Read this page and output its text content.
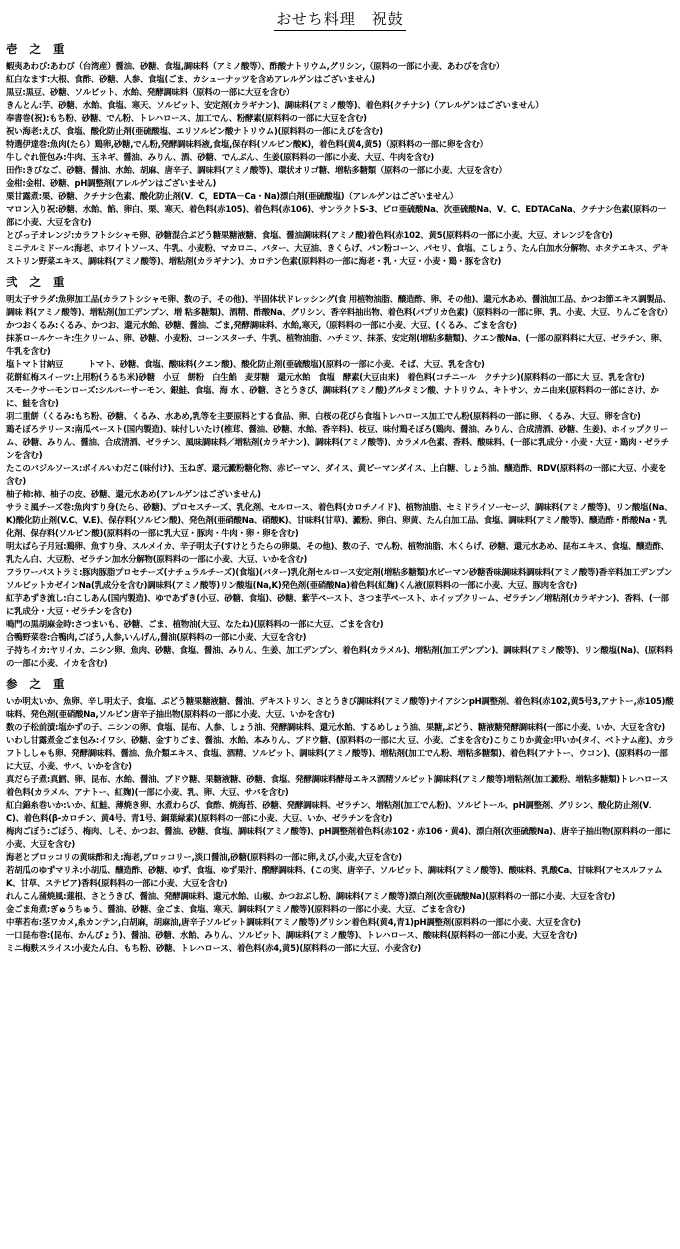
おせち料理　祝鼓
壱 之 重
蝦夷あわび:あわび（台湾産）醤油、砂糖、食塩,調味料（アミノ酸等）、酢酸ナトリウム,グリシン,（原料の一部に小麦、あわびを含む）
紅白なます:大根、食酢、砂糖、人参、食塩(ごま、カシューナッツを含めアレルゲンはございません)
黒豆:黒豆、砂糖、ソルビット、水飴、発酵調味料（原料の一部に大豆を含む）
きんとん:芋、砂糖、水飴、食塩、寒天、ソルビット、安定剤(カラギナン)、調味料(アミノ酸等)、着色料(クチナシ)（アレルゲンはございません）
奉書巻(祝):もち粉、砂糖、でん粉、トレハロース、加工でん、粉酵素(原料料の一部に大豆を含む)
祝い海老:えび、食塩、酸化防止剤(亜硫酸塩、エリソルビン酸ナトリウム)(原料料の一部にえびを含む)
特選伊達巻:魚肉(たら）鶏卵,砂糖,でん粉,発酵調味料液,食塩,保存料(ソルビン酸K)，着色料(黄4,黄5)（原料料の一部に卵を含む）
牛しぐれ笹包み:牛肉、玉ネギ、醤油、みりん、酒、砂糖、でんぷん、生姜(原料料の一部に小麦、大豆、牛肉を含む)
田作:きびなご、砂糖、醤油、水飴、胡麻、唐辛子、調味料(アミノ酸等)、環状オリゴ糖、増粘多糖類（原料の一部に小麦、大豆を含む）
金柑:金柑、砂糖、pH調整剤(アレルゲンはございません)
栗甘露煮:栗、砂糖、クチナシ色素、酸化防止剤(V．C，EDTA－Ca・Na)漂白剤(亜硫酸塩)（アレルゲンはございません）
マロン入り祝:砂糖、水飴、餡、卵白、栗、寒天、着色料(赤105)、着色料(赤106)、サンラクトS-3、ピロ亜硫酸Na、次亜硫酸Na、V、C、EDTACaNa、クチナシ色素(原料の一部に小麦、大豆を含む)
とびっ子オレンジ:カラフトシシャモ卵、砂糖混合ぶどう糖果糖液糖、食塩、醤油調味料(アミノ酸)着色料(赤102、黄5(原料料の一部に小麦、大豆、オレンジを含む)
ミニテルミドール:海老、ホワイトソース、牛乳、小麦粉、マカロニ、バター、大豆油、きくらげ、パン粉コーン、パセリ、食塩、こしょう、たん白加水分解物、ホタテエキス、デキストリン野菜エキス、調味料(アミノ酸等)、増粘剤(カラギナン)、カロテン色素(原料料の一部に海老・乳・大豆・小麦・鶏・豚を含む)
弐 之 重
明太子サラダ:魚卵加工品(カラフトシシャモ卵、数の子、その他)、半固体状ドレッシング(食 用植物油脂、醸造酢、卵、その他)、還元水あめ、醤油加工品、かつお節エキス調製品、調味 料(アミノ酸等)、増粘剤(加工デンプン、増 粘多糖類)、酒精、酢酸Na、グリシン、香辛料抽出物、着色料(パプリカ色素)（原料料の一部に卵、乳、小麦、大豆、りんごを含む）
かつおくるみ:くるみ、かつお、還元水飴、砂糖、醤油、ごま,発酵調味料、水飴,寒天,（原料料の一部に小麦、大豆、(くるみ、ごまを含む)
抹茶ロールケーキ:生クリーム、卵、砂糖、小麦粉、コーンスターチ、牛乳、植物油脂、ハチミツ、抹茶、安定剤(増粘多糖類)、クエン酸Na、(一部の原料料に大豆、ゼラチン、卵、牛乳を含む)
塩トマト甘納豆　　　トマト、砂糖、食塩、酸味料(クエン酸)、酸化防止剤(亜硫酸塩)(原料の一部に小麦、そば、大豆、乳を含む)
花餅紅梅スイーツ:上用粉(うるち米)砂糖　小豆　餅粉　白生餡　麦芽糖　還元水飴　食塩　酵素(大豆由来)　着色料(コチニール　クチナシ)(原料料の一部に大 豆、乳を含む)
スモークサーモンローズ:シルバーサーモン、銀鮭、食塩、海 水 、砂糖、さとうきび、調味料(アミノ酸)グルタミン酸、ナトリウム、キトサン、カニ由来(原料料の一部にさけ、かに、鮭を含む)
羽二重餅（くるみ:もち粉、砂糖、くるみ、水あめ,乳等を主要原料とする食品、卵、白桜の花びら食塩トレハロース加工でん粉(原料料の一部に卵、くるみ、大豆、卵を含む)
鶏そぼろテリーヌ:南瓜ペースト(国内製造)、味付しいたけ(椎茸、醤油、砂糖、水飴、香辛料)、枝豆、味付鶏そぼろ(鶏肉、醤油、みりん、合成清酒、砂糖、生姜)、ホイップクリーム、砂糖、みりん、醤油、合成清酒、ゼラチン、風味調味料／増粘剤(カラギナン)、調味料(アミノ酸等)、カラメル色素、香料、酸味料、(一部に乳成分・小麦・大豆・鶏肉・ゼラチンを含む)
たこのバジルソース:ボイルいわだこ(味付け)、玉ねぎ、還元澱粉糖化物、赤ピーマン、ダイス、黄ピーマンダイス、上白糖、しょう油、醸造酢、RDV(原料料の一部に大豆、小麦を含む)
柚子柿:柿、柚子の皮、砂糖、還元水あめ(アレルゲンはございません)
サラミ風チーズ巻:魚肉すり身(たら、砂糖)、プロセスチーズ、乳化剤、セルロース、着色料(カロチノイド)、植物油脂、セミドライソーセージ、調味料(アミノ酸等)、リン酸塩(Na、K)酸化防止剤(V.C、V.E)、保存料(ソルビン酸)、発色剤(亜硝酸Na、硝酸K)、甘味料(甘草)、澱粉、卵白、卵黄、たん白加工品、食塩、調味料(アミノ酸等)、醸造酢・酢酸Na・乳化剤、保存料(ソルビン酸)(原料料の一部に乳大豆・豚肉・牛肉・卵・卵を含む)
明太ばら子月冠:鶏卵、魚すり身、スルメイカ、辛子明太子(すけとうたらの卵巣、その他)、数の子、でん粉、植物油脂、木くらげ、砂糖、還元水あめ、昆布エキス、食塩、醸造酢、乳たん白、大豆粉、ゼラチン加水分解物(原料料の一部に小麦、大豆、いかを含む)
フラワーパストラミ:豚肉豚脂プロセチーズ(ナチュラルチーズ)(食塩)(バター)乳化剤セルロース安定剤(増粘多糖類)水ピーマン砂糖香味調味料調味料(アミノ酸等)香辛料加工デンプンソルビットカゼインNa(乳成分を含む)調味料(アミノ酸等)リン酸塩(Na,K)発色剤(亜硝酸Na)着色料(紅麹)くん液(原料料の一部に小麦、大豆、豚肉を含む)
紅芋あずき流し:白こしあん(国内製造)、ゆであずき(小豆、砂糖、食塩)、砂糖、紫芋ペースト、さつま芋ペースト、ホイップクリーム、ゼラチン／増粘剤(カラギナン)、香料、(一部に乳成分・大豆・ゼラチンを含む)
鳴門の黒胡麻金時:さつまいも、砂糖、ごま、植物油(大豆、なたね)(原料料の一部に大豆、ごまを含む)
合鴨野菜巻:合鴨肉,ごぼう,人参,いんげん,醤油(原料料の一部に小麦、大豆を含む)
子持ちイカ:ヤリイカ、ニシン卵、魚肉、砂糖、食塩、醤油、みりん、生姜、加工デンプン、着色料(カラメル)、増粘剤(加工デンプン)、調味料(アミノ酸等)、リン酸塩(Na)、(原料料の一部に小麦、イカを含む)
参 之 重
いか明太いか、魚卵、辛し明太子、食塩、ぶどう糖果糖液糖、醤油、デキストリン、さとうきび調味料(アミノ酸等)ナイアシンpH調整剤、着色料(赤102,黄5号3,アナトー,赤105)酸味料、発色剤(亜硝酸Na,ソルビン唐辛子抽出物(原料料の一部に小麦、大豆、いかを含む)
数の子松前漬:塩かずの子、ニシンの卵、食塩、昆布、人参、しょう油、発酵調味料、還元水飴、するめしょう油、果糖,ぶどう、糖液糖発酵調味料(一部に小麦、いか、大豆を含む)
いわし甘露煮金ごま包み:イワシ、砂糖、金すりごま、醤油、水飴、本みりん、ブドウ糖、(原料料の一部に大 豆、小麦、ごまを含む)こりこりか黄金:甲いか(タイ、ベトナム産)、カラフトししゃも卵、発酵調味料、醤油、魚介類エキス、食塩、酒精、ソルビット、調味料(アミノ酸等)、増粘剤(加工でん粉、増粘多糖類)、着色料(アナトー、ウコン)、(原料料の一部に大豆、小麦、サバ、いかを含む)
真だら子煮:真鱈、卵、昆布、水飴、醤油、ブドウ糖、果糖液糖、砂糖、食塩、発酵調味料酵母エキス酒精ソルビット調味料(アミノ酸等)増粘剤(加工澱粉、増粘多糖類)トレハロース着色料(カラメル、アナトー、紅麹)(一部に小麦、乳、卵、大豆、サバを含む)
紅白錦糸巻いか:いか、紅鮭、薄焼き卵、水煮わらび、食酢、焼海苔、砂糖、発酵調味料、ゼラチン、増粘剤(加工でん粉)、ソルビトール、pH調整剤、グリシン、酸化防止剤(V．C)、着色料(β-カロチン、黄4号、青1号、銅葉緑素)(原料料の一部に小麦、大豆、いか、ゼラチンを含む)
梅肉ごぼう:ごぼう、梅肉、しそ、かつお、醤油、砂糖、食塩、調味料(アミノ酸等)、pH調整剤着色料(赤102・赤106・黄4)、漂白剤(次亜硫酸Na)、唐辛子抽出物(原料料の一部に小麦、大豆を含む)
海老とブロッコリの黄味酢和え:海老,ブロッコリー,淡口醤油,砂糖(原料料の一部に卵,えび,小麦,大豆を含む)
若胡瓜のゆずマリネ:小胡瓜、醸造酢、砂糖、ゆず、食塩、ゆず果汁、醗酵調味料、(この実、唐辛子、ソルビット、調味料(アミノ酸等)、酸味料、乳酸Ca、甘味料(アセスルファムK、甘草、ステビア)香料(原料料の一部に小麦、大豆を含む)
れんこん蒲焼風:蓮根、さとうきび、醤油、発酵調味料、還元水飴、山椒、かつおぶし粉、調味料(アミノ酸等)漂白剤(次亜硫酸Na)(原料料の一部に小麦、大豆を含む)
金ごま角煮:ぎゅうちゅう、醤油、砂糖、金ごま、食塩、寒天、調味料(アミノ酸等)(原料料の一部に小麦、大豆、ごまを含む)
中華若布:茎ワカメ,糸カンテン,白胡麻，胡麻油,唐辛子ソルビット調味料(アミノ酸等)グリシン着色料(黄4,青1)pH調整剤(原料料の一部に小麦、大豆を含む)
一口昆布巻:(昆布、かんぴょう)、醤油、砂糖、水飴、みりん、ソルビット、調味料(アミノ酸等)、トレハロース、酸味料(原料料の一部に小麦、大豆を含む)
ミニ梅麩スライス:小麦たん白、もち粉、砂糖、トレハロース、着色料(赤4,黄5)(原料料の一部に大豆、小麦含む)
